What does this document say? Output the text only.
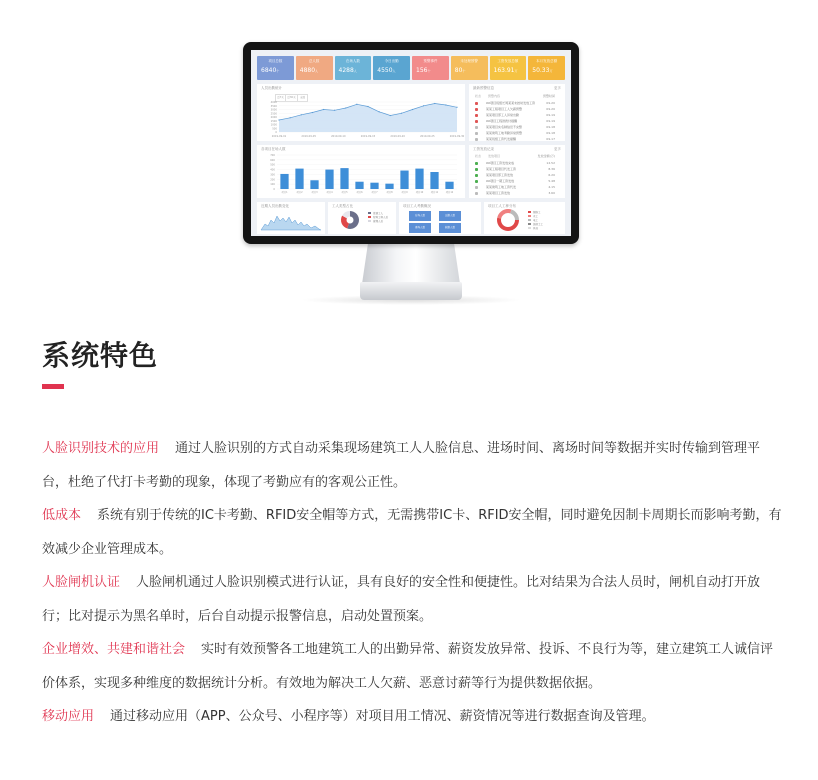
项目总数
6840个
总人数
4880人
在场人数
4288人
今日出勤
4550人
预警事件
156个
未处理预警
80个
工资发放总额
163.91万
本月发放总额
50.33万
人员出勤统计
近7天	近30天	全部
4000
3500
3000
2500
2000
1500
1000
500
0
2019-09-01	2019-09-05	2019-09-10	2019-09-15	2019-09-20	2019-09-25	2019-09-30
最新预警信息	更多
状态 预警内容	预警时间
XX项目班组长周某某未按时发放工资	09-20
某某工程项目工人欠薪预警	09-20
某某项目部工人异常出勤	09-19
XX项目工程款拨付提醒	09-19
某某项目实名制信息不完整	09-18
某某建筑工地考勤异常预警	09-18
某某班组工资代发提醒	09-17
各项目在场人数
700
600
500
400
300
200
100
0
项目1	项目2	项目3	项目4	项目5	项目6	项目7	项目8	项目9	项目10	项目11	项目12
工资发放记录	更多
状态 发放项目	发放金额(万)
XX项目工资发放完成	12.52
某某工程项目代发工资	8.36
某某项目部工资发放	6.20
XX项目一期工资发放	5.48
某某建筑工地工资代发	4.15
某某项目工资发放	3.60
近期人员出勤变化	工人类型占比
普通工人
特殊工种人员
管理人员
项目工人考勤概况
在场人数	出勤人数
离场人数	缺勤人数
项目工人工种分布
钢筋工
木工
电工
混凝土工
其他
系统特色

人脸识别技术的应用 通过人脸识别的方式自动采集现场建筑工人人脸信息、进场时间、离场时间等数据并实时传输到管理平台，杜绝了代打卡考勤的现象，体现了考勤应有的客观公正性。

低成本 系统有别于传统的IC卡考勤、RFID安全帽等方式，无需携带IC卡、RFID安全帽，同时避免因制卡周期长而影响考勤，有效减少企业管理成本。

人脸闸机认证 人脸闸机通过人脸识别模式进行认证，具有良好的安全性和便捷性。比对结果为合法人员时，闸机自动打开放行；比对提示为黑名单时，后台自动提示报警信息，启动处置预案。

企业增效、共建和谐社会 实时有效预警各工地建筑工人的出勤异常、薪资发放异常、投诉、不良行为等，建立建筑工人诚信评价体系，实现多种维度的数据统计分析。有效地为解决工人欠薪、恶意讨薪等行为提供数据依据。

移动应用 通过移动应用（APP、公众号、小程序等）对项目用工情况、薪资情况等进行数据查询及管理。
